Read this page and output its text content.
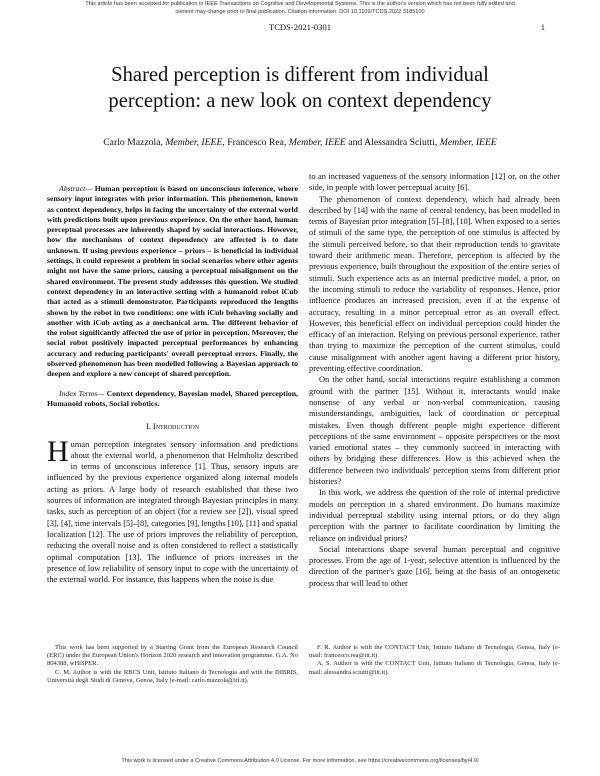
This article has been accepted for publication in IEEE Transactions on Cognitive and Developmental Systems. This is the author's version which has not been fully edited and
content may change prior to final publication. Citation information: DOI 10.1109/TCDS.2022.3185100
TCDS-2021-0301	1
Shared perception is different from individual
perception: a new look on context dependency
Carlo Mazzola, Member, IEEE, Francesco Rea, Member, IEEE and Alessandra Sciutti, Member, IEEE

Abstract— Human perception is based on unconscious inference, where sensory input integrates with prior information. This phenomenon, known as context dependency, helps in facing the uncertainty of the external world with predictions built upon previous experience. On the other hand, human perceptual processes are inherently shaped by social interactions. However, how the mechanisms of context dependency are affected is to date unknown. If using previous experience – priors – is beneficial in individual settings, it could represent a problem in social scenarios where other agents might not have the same priors, causing a perceptual misalignment on the shared environment. The present study addresses this question. We studied context dependency in an interactive setting with a humanoid robot iCub that acted as a stimuli demonstrator. Participants reproduced the lengths shown by the robot in two conditions: one with iCub behaving socially and another with iCub acting as a mechanical arm. The different behavior of the robot significantly affected the use of prior in perception. Moreover, the social robot positively impacted perceptual performances by enhancing accuracy and reducing participants' overall perceptual errors. Finally, the observed phenomenon has been modelled following a Bayesian approach to deepen and explore a new concept of shared perception.

Index Terms— Context dependency, Bayesian model, Shared perception, Humanoid robots, Social robotics.

I. Introduction

Human perception integrates sensory information and predictions about the external world, a phenomenon that Helmholtz described in terms of unconscious inference [1]. Thus, sensory inputs are influenced by the previous experience organized along internal models acting as priors. A large body of research established that these two sources of information are integrated through Bayesian principles in many tasks, such as perception of an object (for a review see [2]), visual speed [3], [4], time intervals [5]–[8], categories [9], lengths [10], [11] and spatial localization [12]. The use of priors improves the reliability of perception, reducing the overall noise and is often considered to reflect a statistically optimal computation [13]. The influence of priors increases in the presence of low reliability of sensory input to cope with the uncertainty of the external world. For instance, this happens when the noise is due

to an increased vagueness of the sensory information [12] or, on the other side, in people with lower perceptual acuity [6].

The phenomenon of context dependency, which had already been described by [14] with the name of central tendency, has been modelled in terms of Bayesian prior integration [5]–[8], [10]. When exposed to a series of stimuli of the same type, the perception of one stimulus is affected by the stimuli perceived before, so that their reproduction tends to gravitate toward their arithmetic mean. Therefore, perception is affected by the previous experience, built throughout the exposition of the entire series of stimuli. Such experience acts as an internal predictive model, a prior, on the incoming stimuli to reduce the variability of responses. Hence, prior influence produces an increased precision, even if at the expense of accuracy, resulting in a minor perceptual error as an overall effect. However, this beneficial effect on individual perception could hinder the efficacy of an interaction. Relying on previous personal experience, rather than trying to maximize the perception of the current stimulus, could cause misalignment with another agent having a different prior history, preventing effective coordination.

On the other hand, social interactions require establishing a common ground with the partner [15]. Without it, interactants would make nonsense of any verbal or non-verbal communication, causing misunderstandings, ambiguities, lack of coordination or perceptual mistakes. Even though different people might experience different perceptions of the same environment – opposite perspectives or the most varied emotional states – they commonly succeed in interacting with others by bridging these differences. How is this achieved when the difference between two individuals' perception stems from different prior histories?

In this work, we address the question of the role of internal predictive models on perception in a shared environment. Do humans maximize individual perceptual stability using internal priors, or do they align perception with the partner to facilitate coordination by limiting the reliance on individual priors?

Social interactions shape several human perceptual and cognitive processes. From the age of 1-year, selective attention is influenced by the direction of the partner's gaze [16], being at the basis of an ontogenetic process that will lead to other

This work has been supported by a Starting Grant from the European Research Council (ERC) under the European Union's Horizon 2020 research and innovation programme. G.A. No 804388, wHiSPER.

C. M. Author is with the RBCS Unit, Istituto Italiano di Tecnologia and with the DIBRIS, Università degli Studi di Genova, Genoa, Italy (e-mail: carlo.mazzola@iit.it).

F. R. Author is with the CONTACT Unit, Istituto Italiano di Tecnologia, Genoa, Italy (e-mail: francesco.rea@iit.it).

A. S. Author is with the CONTACT Unit, Istituto Italiano di Tecnologia, Genoa, Italy (e-mail: alessandra.sciutti@iit.it).

This work is licensed under a Creative Commons Attribution 4.0 License. For more information, see https://creativecommons.org/licenses/by/4.0/
